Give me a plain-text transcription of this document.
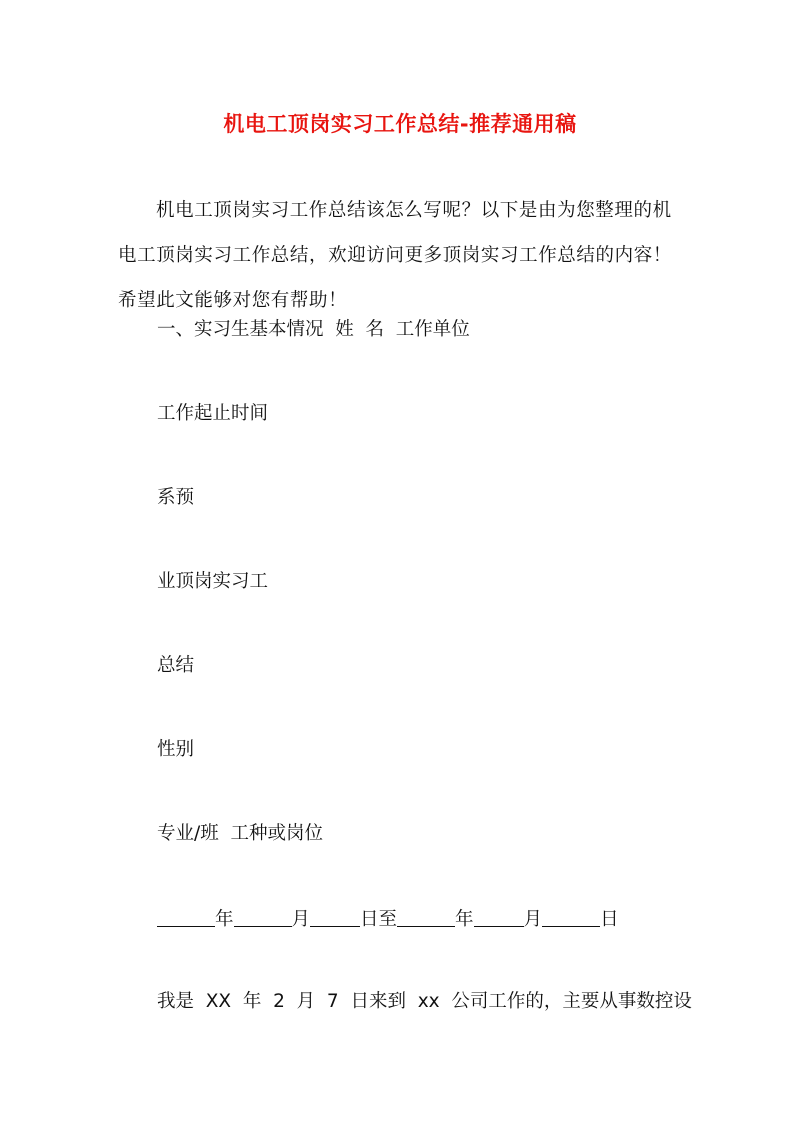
机电工顶岗实习工作总结-推荐通用稿

机电工顶岗实习工作总结该怎么写呢？以下是由为您整理的机电工顶岗实习工作总结，欢迎访问更多顶岗实习工作总结的内容！希望此文能够对您有帮助！

一、实习生基本情况  姓  名  工作单位

工作起止时间

系预

业顶岗实习工

总结

性别

专业/班  工种或岗位

年	月	日至	年	月	日

我是  XX  年  2  月  7  日来到  xx  公司工作的，主要从事数控设
